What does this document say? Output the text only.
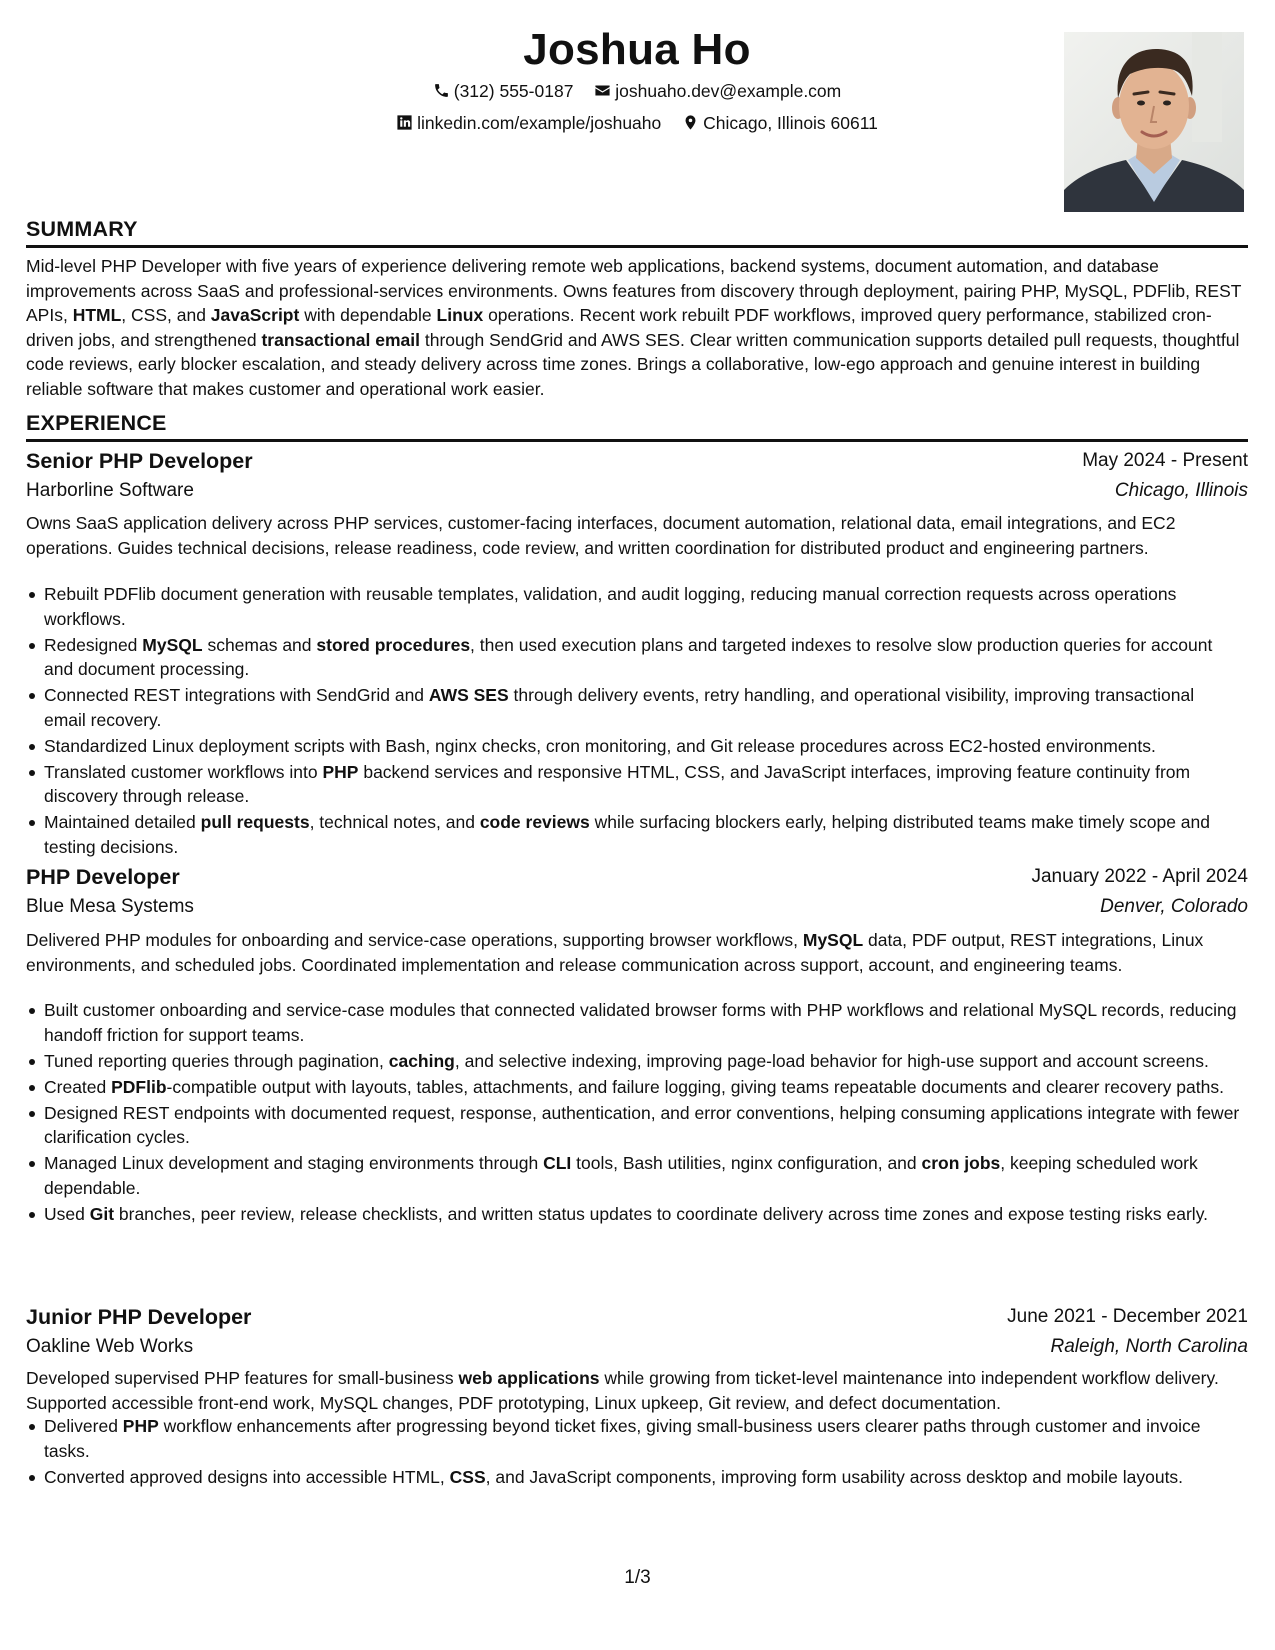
Joshua Ho
(312) 555-0187 joshuaho.dev@example.com
linkedin.com/example/joshuaho Chicago, Illinois 60611
SUMMARY
Mid-level PHP Developer with five years of experience delivering remote web applications, backend systems, document automation, and database improvements across SaaS and professional-services environments. Owns features from discovery through deployment, pairing PHP, MySQL, PDFlib, REST APIs, HTML, CSS, and JavaScript with dependable Linux operations. Recent work rebuilt PDF workflows, improved query performance, stabilized cron-driven jobs, and strengthened transactional email through SendGrid and AWS SES. Clear written communication supports detailed pull requests, thoughtful code reviews, early blocker escalation, and steady delivery across time zones. Brings a collaborative, low-ego approach and genuine interest in building reliable software that makes customer and operational work easier.
EXPERIENCE
Senior PHP Developer	May 2024 - Present
Harborline Software	Chicago, Illinois
Owns SaaS application delivery across PHP services, customer-facing interfaces, document automation, relational data, email integrations, and EC2 operations. Guides technical decisions, release readiness, code review, and written coordination for distributed product and engineering partners.
Rebuilt PDFlib document generation with reusable templates, validation, and audit logging, reducing manual correction requests across operations workflows.
Redesigned MySQL schemas and stored procedures, then used execution plans and targeted indexes to resolve slow production queries for account and document processing.
Connected REST integrations with SendGrid and AWS SES through delivery events, retry handling, and operational visibility, improving transactional email recovery.
Standardized Linux deployment scripts with Bash, nginx checks, cron monitoring, and Git release procedures across EC2-hosted environments.
Translated customer workflows into PHP backend services and responsive HTML, CSS, and JavaScript interfaces, improving feature continuity from discovery through release.
Maintained detailed pull requests, technical notes, and code reviews while surfacing blockers early, helping distributed teams make timely scope and testing decisions.
PHP Developer	January 2022 - April 2024
Blue Mesa Systems	Denver, Colorado
Delivered PHP modules for onboarding and service-case operations, supporting browser workflows, MySQL data, PDF output, REST integrations, Linux environments, and scheduled jobs. Coordinated implementation and release communication across support, account, and engineering teams.
Built customer onboarding and service-case modules that connected validated browser forms with PHP workflows and relational MySQL records, reducing handoff friction for support teams.
Tuned reporting queries through pagination, caching, and selective indexing, improving page-load behavior for high-use support and account screens.
Created PDFlib-compatible output with layouts, tables, attachments, and failure logging, giving teams repeatable documents and clearer recovery paths.
Designed REST endpoints with documented request, response, authentication, and error conventions, helping consuming applications integrate with fewer clarification cycles.
Managed Linux development and staging environments through CLI tools, Bash utilities, nginx configuration, and cron jobs, keeping scheduled work dependable.
Used Git branches, peer review, release checklists, and written status updates to coordinate delivery across time zones and expose testing risks early.
Junior PHP Developer	June 2021 - December 2021
Oakline Web Works	Raleigh, North Carolina
Developed supervised PHP features for small-business web applications while growing from ticket-level maintenance into independent workflow delivery. Supported accessible front-end work, MySQL changes, PDF prototyping, Linux upkeep, Git review, and defect documentation.
Delivered PHP workflow enhancements after progressing beyond ticket fixes, giving small-business users clearer paths through customer and invoice tasks.
Converted approved designs into accessible HTML, CSS, and JavaScript components, improving form usability across desktop and mobile layouts.
1/3
